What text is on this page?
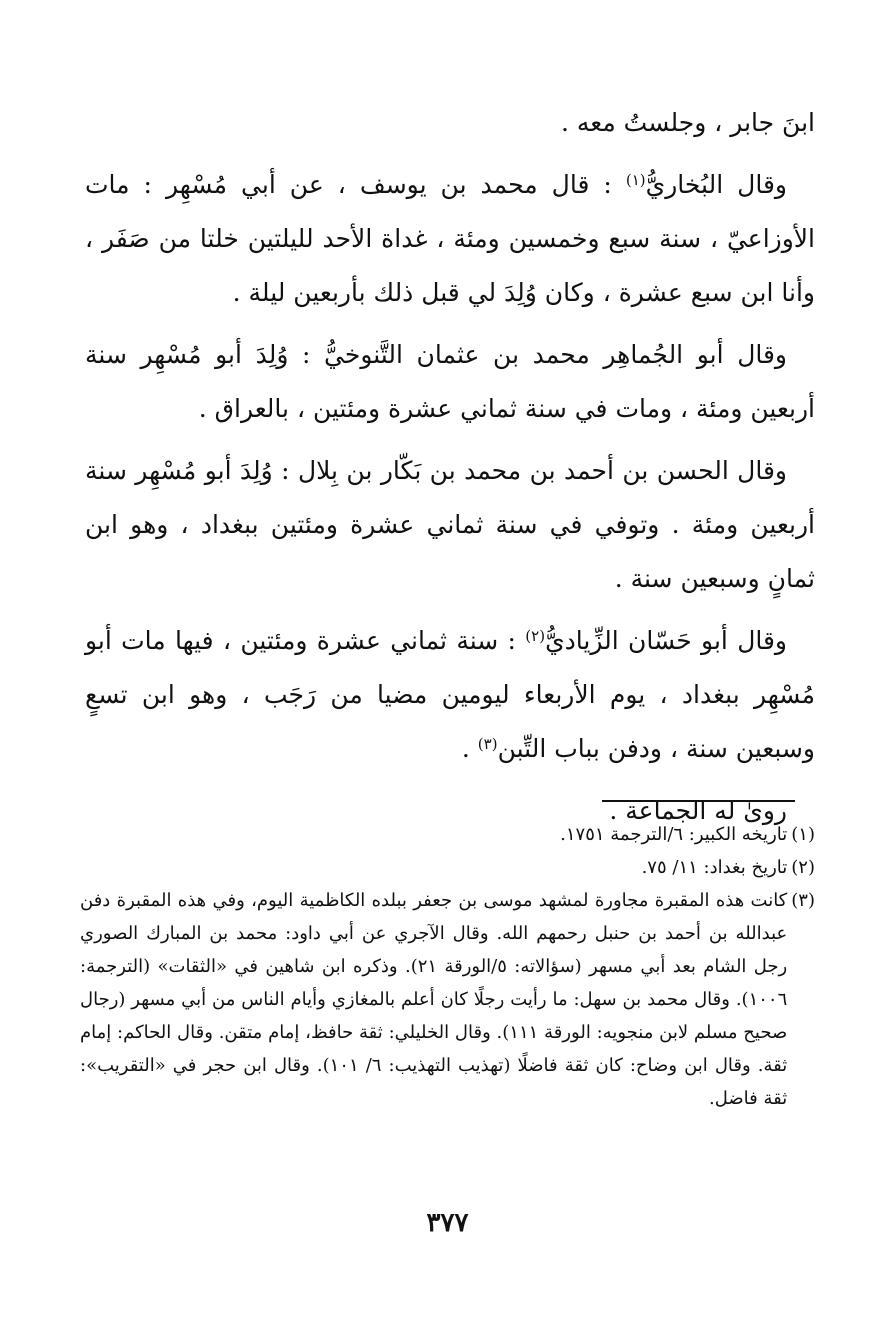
ابنَ جابر ، وجلستُ معه .

وقال البُخاريُّ$^{(١)}$ : قال محمد بن يوسف ، عن أبي مُسْهِر : مات الأوزاعيّ ، سنة سبع وخمسين ومئة ، غداة الأحد لليلتين خلتا من صَفَر ، وأنا ابن سبع عشرة ، وكان وُلِدَ لي قبل ذلك بأربعين ليلة .

وقال أبو الجُماهِر محمد بن عثمان التَّنوخيُّ : وُلِدَ أبو مُسْهِر سنة أربعين ومئة ، ومات في سنة ثماني عشرة ومئتين ، بالعراق .

وقال الحسن بن أحمد بن محمد بن بَكّار بن بِلال : وُلِدَ أبو مُسْهِر سنة أربعين ومئة . وتوفي في سنة ثماني عشرة ومئتين ببغداد ، وهو ابن ثمانٍ وسبعين سنة .

وقال أبو حَسّان الزِّياديُّ$^{(٢)}$ : سنة ثماني عشرة ومئتين ، فيها مات أبو مُسْهِر ببغداد ، يوم الأربعاء ليومين مضيا من رَجَب ، وهو ابن تسعٍ وسبعين سنة ، ودفن بباب التِّبن$^{(٣)}$ .

روىٰ له الجماعة .

(١)
تاريخه الكبير: ٦/الترجمة ١٧٥١.
(٢)
تاريخ بغداد: ١١/ ٧٥.
(٣)
كانت هذه المقبرة مجاورة لمشهد موسى بن جعفر ببلده الكاظمية اليوم، وفي هذه المقبرة دفن عبدالله بن أحمد بن حنبل رحمهم الله. وقال الآجري عن أبي داود: محمد بن المبارك الصوري رجل الشام بعد أبي مسهر (سؤالاته: ٥/الورقة ٢١). وذكره ابن شاهين في «الثقات» (الترجمة: ١٠٠٦). وقال محمد بن سهل: ما رأيت رجلًا كان أعلم بالمغازي وأيام الناس من أبي مسهر (رجال صحيح مسلم لابن منجويه: الورقة ١١١). وقال الخليلي: ثقة حافظ، إمام متقن. وقال الحاكم: إمام ثقة. وقال ابن وضاح: كان ثقة فاضلًا (تهذيب التهذيب: ٦/ ١٠١). وقال ابن حجر في «التقريب»: ثقة فاضل.
٣٧٧
